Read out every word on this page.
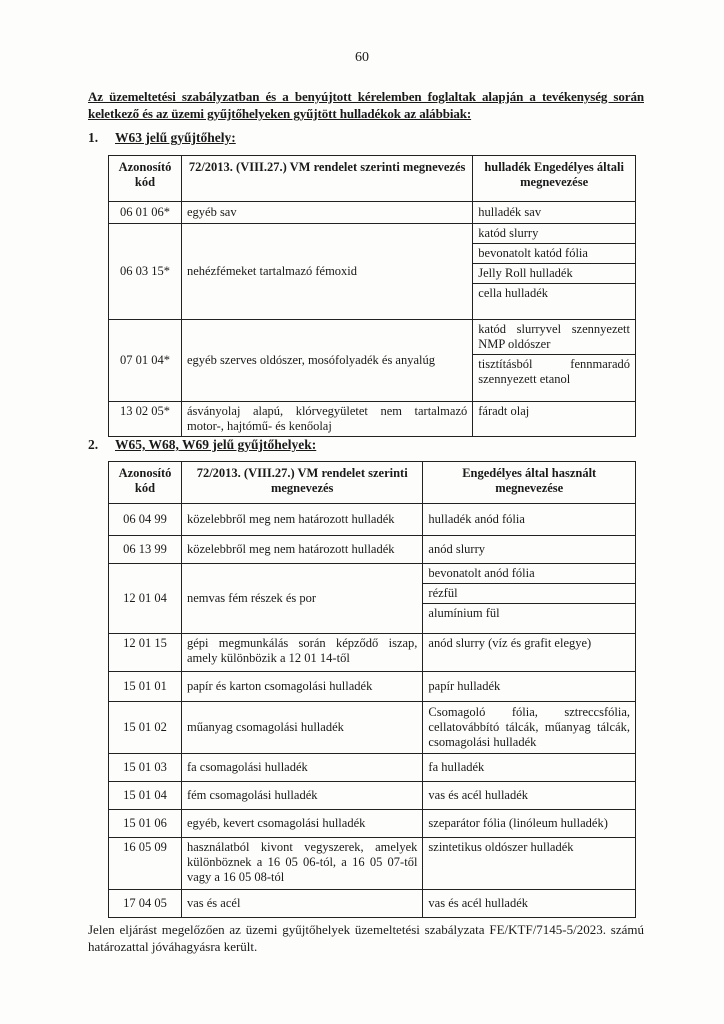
60
Az üzemeltetési szabályzatban és a benyújtott kérelemben foglaltak alapján a tevékenység során keletkező és az üzemi gyűjtőhelyeken gyűjtött hulladékok az alábbiak:
1. W63 jelű gyűjtőhely:
Azonosító kód	72/2013. (VIII.27.) VM rendelet szerinti megnevezés	hulladék Engedélyes általi megnevezése
06 01 06*	egyéb sav	hulladék sav
06 03 15*	nehézfémeket tartalmazó fémoxid	katód slurry
bevonatolt katód fólia
Jelly Roll hulladék
cella hulladék

07 01 04*	egyéb szerves oldószer, mosófolyadék és anyalúg	katód slurryvel szennyezett NMP oldószer
tisztításból fennmaradó szennyezett etanol

13 02 05*	ásványolaj alapú, klórvegyületet nem tartalmazó motor-, hajtómű- és kenőolaj	fáradt olaj
2. W65, W68, W69 jelű gyűjtőhelyek:
Azonosító kód	72/2013. (VIII.27.) VM rendelet szerinti megnevezés	Engedélyes által használt megnevezése
06 04 99	közelebbről meg nem határozott hulladék	hulladék anód fólia
06 13 99	közelebbről meg nem határozott hulladék	anód slurry
12 01 04	nemvas fém részek és por	bevonatolt anód fólia
rézfül
alumínium fül

12 01 15	gépi megmunkálás során képződő iszap, amely különbözik a 12 01 14-től	anód slurry (víz és grafit elegye)
15 01 01	papír és karton csomagolási hulladék	papír hulladék
15 01 02	műanyag csomagolási hulladék	Csomagoló fólia, sztreccsfólia, cellatovábbító tálcák, műanyag tálcák, csomagolási hulladék
15 01 03	fa csomagolási hulladék	fa hulladék
15 01 04	fém csomagolási hulladék	vas és acél hulladék
15 01 06	egyéb, kevert csomagolási hulladék	szeparátor fólia (linóleum hulladék)
16 05 09	használatból kivont vegyszerek, amelyek különböznek a 16 05 06-tól, a 16 05 07-től vagy a 16 05 08-tól	szintetikus oldószer hulladék
17 04 05	vas és acél	vas és acél hulladék
Jelen eljárást megelőzően az üzemi gyűjtőhelyek üzemeltetési szabályzata FE/KTF/7145-5/2023. számú határozattal jóváhagyásra került.
